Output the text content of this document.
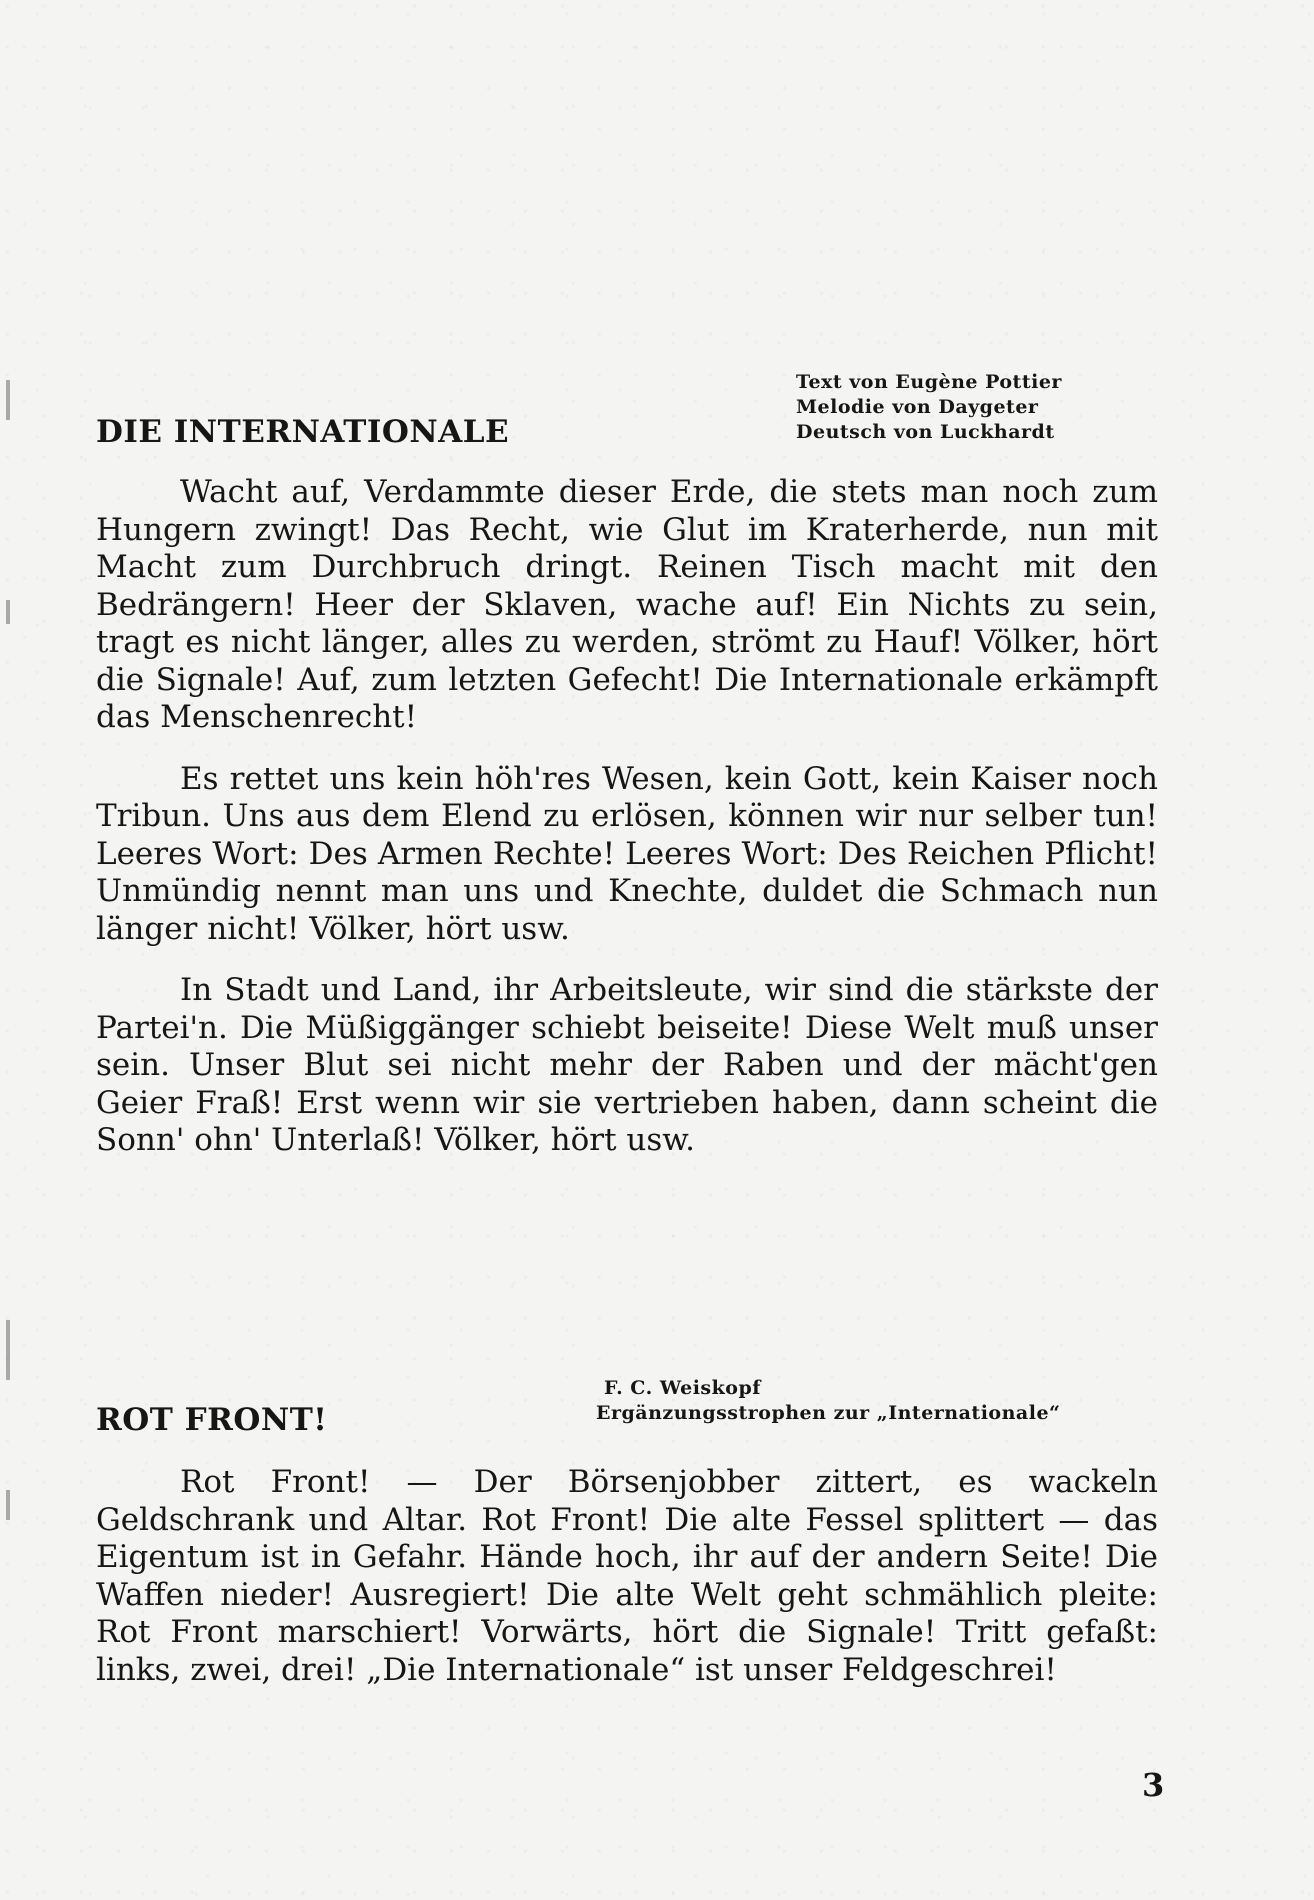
DIE INTERNATIONALE
Text von Eugène Pottier
Melodie von Daygeter
Deutsch von Luckhardt

Wacht auf, Verdammte dieser Erde, die stets man noch zum Hungern zwingt! Das Recht, wie Glut im Kraterherde, nun mit Macht zum Durchbruch dringt. Reinen Tisch macht mit den Bedrängern! Heer der Sklaven, wache auf! Ein Nichts zu sein, tragt es nicht länger, alles zu werden, strömt zu Hauf! Völker, hört die Signale! Auf, zum letzten Gefecht! Die Internationale erkämpft das Menschenrecht!

Es rettet uns kein höh'res Wesen, kein Gott, kein Kaiser noch Tribun. Uns aus dem Elend zu erlösen, können wir nur selber tun! Leeres Wort: Des Armen Rechte! Leeres Wort: Des Reichen Pflicht! Unmündig nennt man uns und Knechte, duldet die Schmach nun länger nicht! Völker, hört usw.

In Stadt und Land, ihr Arbeitsleute, wir sind die stärkste der Partei'n. Die Müßiggänger schiebt beiseite! Diese Welt muß unser sein. Unser Blut sei nicht mehr der Raben und der mächt'gen Geier Fraß! Erst wenn wir sie vertrieben haben, dann scheint die Sonn' ohn' Unterlaß! Völker, hört usw.

ROT FRONT!
F. C. Weiskopf
Ergänzungsstrophen zur „Internationale“

Rot Front! — Der Börsenjobber zittert, es wackeln Geldschrank und Altar. Rot Front! Die alte Fessel splittert — das Eigentum ist in Gefahr. Hände hoch, ihr auf der andern Seite! Die Waffen nieder! Ausregiert! Die alte Welt geht schmählich pleite: Rot Front marschiert! Vorwärts, hört die Signale! Tritt gefaßt: links, zwei, drei! „Die Internationale“ ist unser Feldgeschrei!

3
